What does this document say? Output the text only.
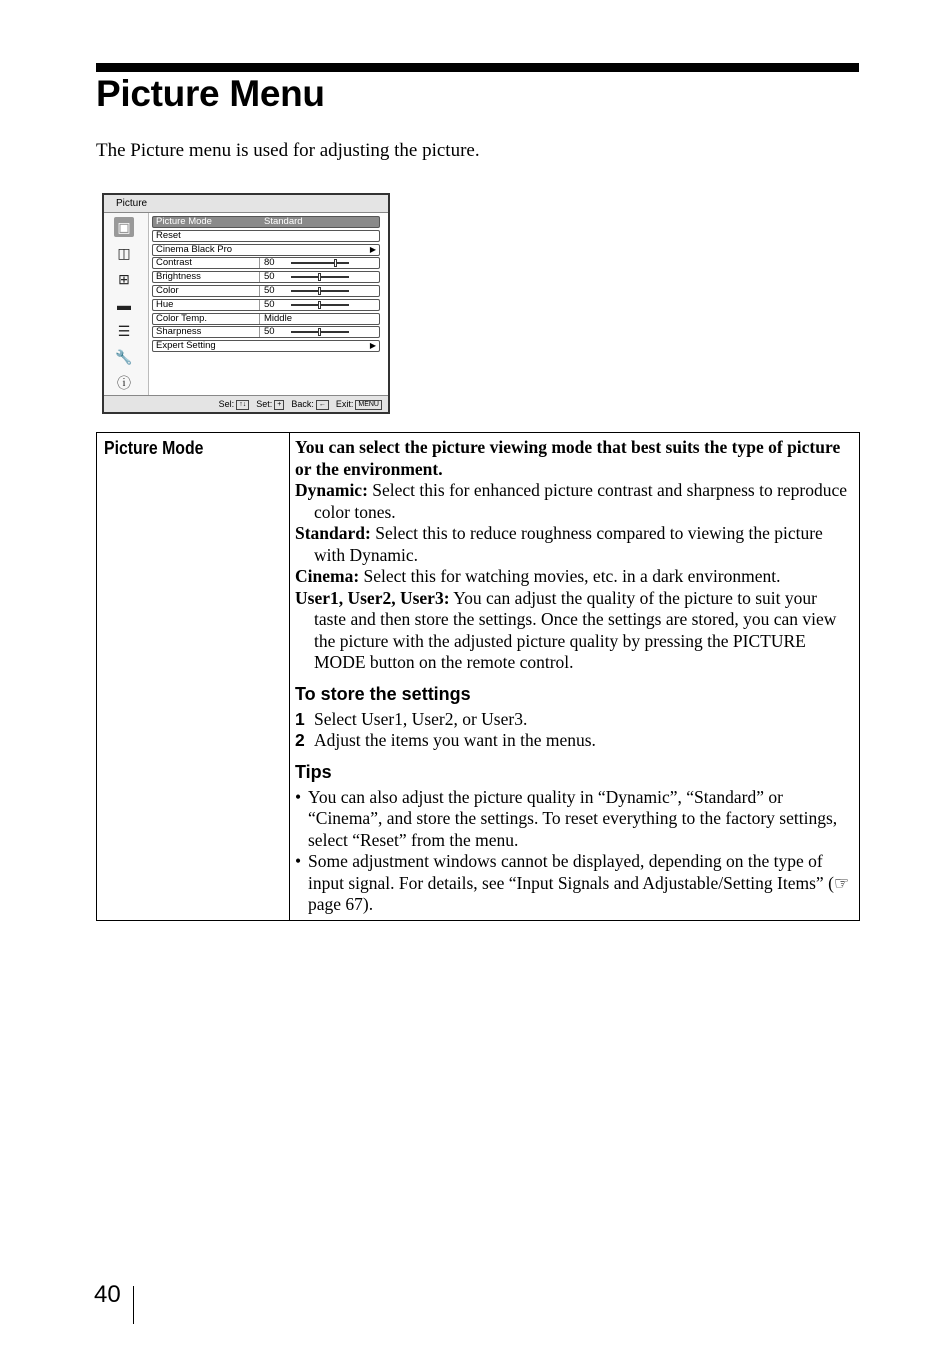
Picture Menu
The Picture menu is used for adjusting the picture.
Picture
▣
◫
⊞
▬
☰
🔧
ⓘ
Picture Mode	Standard
Reset
Cinema Black Pro	▶
Contrast	80
Brightness	50
Color	50
Hue	50
Color Temp.	Middle
Sharpness	50
Expert Setting	▶
Sel: ↑↓ Set: + Back: ← Exit: MENU
Picture Mode	You can select the picture viewing mode that best suits the type of picture or the environment.

Dynamic: Select this for enhanced picture contrast and sharpness to reproduce color tones.

Standard: Select this to reduce roughness compared to viewing the picture with Dynamic.

Cinema: Select this for watching movies, etc. in a dark environment.

User1, User2, User3: You can adjust the quality of the picture to suit your taste and then store the settings. Once the settings are stored, you can view the picture with the adjusted picture quality by pressing the PICTURE MODE button on the remote control.

To store the settings

1 Select User1, User2, or User3.

2 Adjust the items you want in the menus.

Tips

• You can also adjust the picture quality in “Dynamic”, “Standard” or “Cinema”, and store the settings. To reset everything to the factory settings, select “Reset” from the menu.

• Some adjustment windows cannot be displayed, depending on the type of input signal. For details, see “Input Signals and Adjustable/Setting Items” (☞ page 67).

40
